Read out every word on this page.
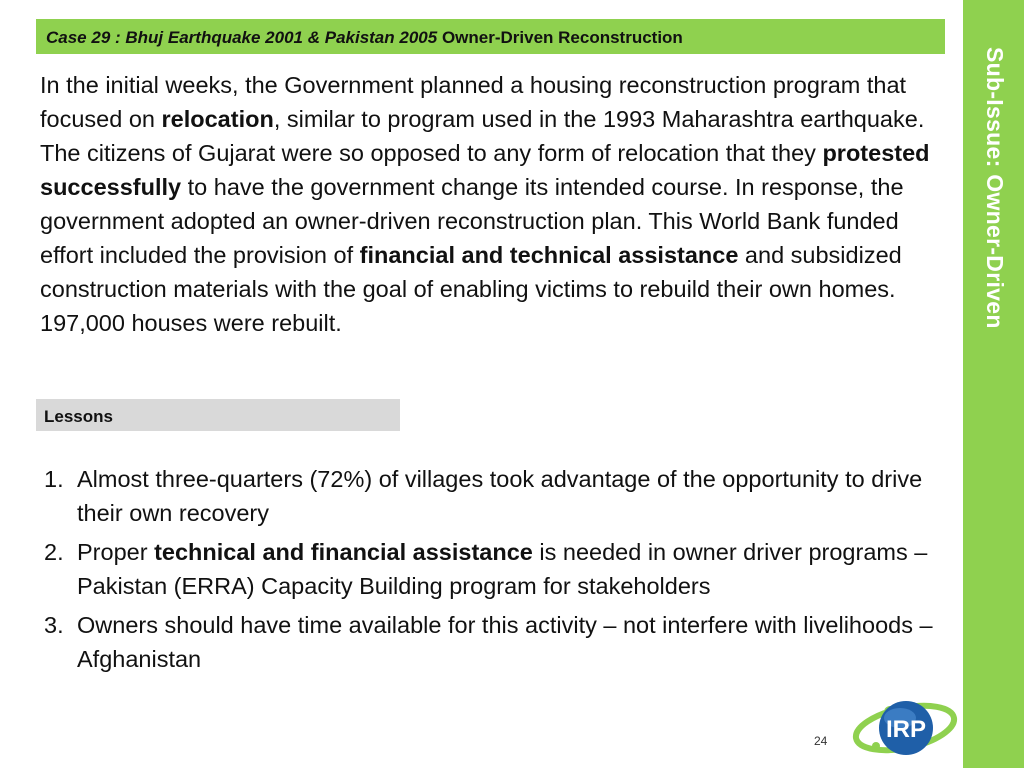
Case 29 : Bhuj Earthquake 2001 & Pakistan 2005 Owner-Driven Reconstruction
Sub-Issue: Owner-Driven
In the initial weeks, the Government planned a housing reconstruction program that focused on relocation, similar to program used in the 1993 Maharashtra earthquake. The citizens of Gujarat were so opposed to any form of relocation that they protested successfully to have the government change its intended course. In response, the government adopted an owner-driven reconstruction plan. This World Bank funded effort included the provision of financial and technical assistance and subsidized construction materials with the goal of enabling victims to rebuild their own homes. 197,000 houses were rebuilt.
Lessons
1. Almost three-quarters (72%) of villages took advantage of the opportunity to drive their own recovery
2. Proper technical and financial assistance is needed in owner driver programs – Pakistan (ERRA) Capacity Building program for stakeholders
3. Owners should have time available for this activity – not interfere with livelihoods – Afghanistan
24 IRP
